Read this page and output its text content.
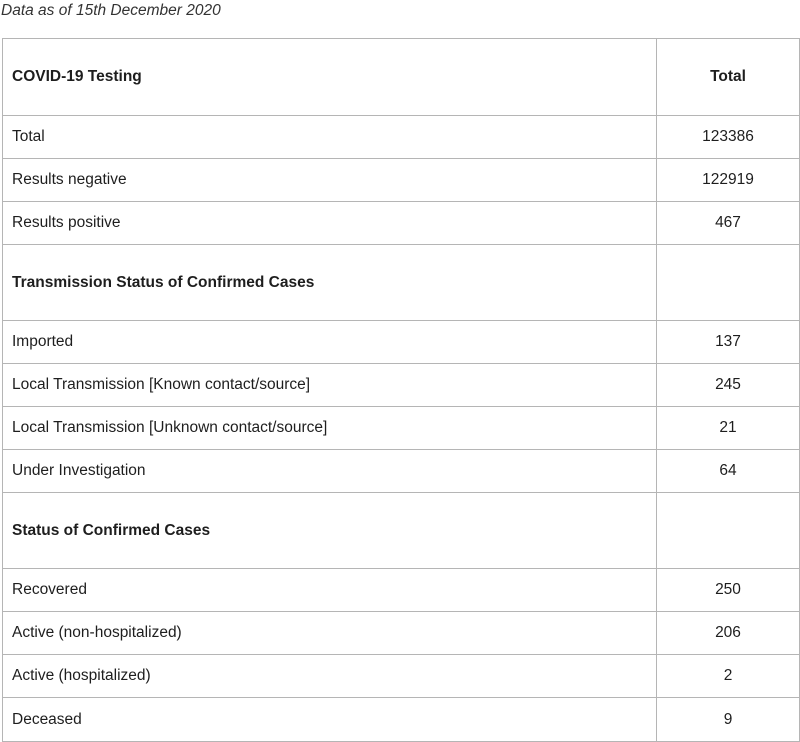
Data as of 15th December 2020
COVID-19 Testing	Total
Total	123386
Results negative	122919
Results positive	467
Transmission Status of Confirmed Cases	
Imported	137
Local Transmission [Known contact/source]	245
Local Transmission [Unknown contact/source]	21
Under Investigation	64
Status of Confirmed Cases	
Recovered	250
Active (non-hospitalized)	206
Active (hospitalized)	2
Deceased	9
